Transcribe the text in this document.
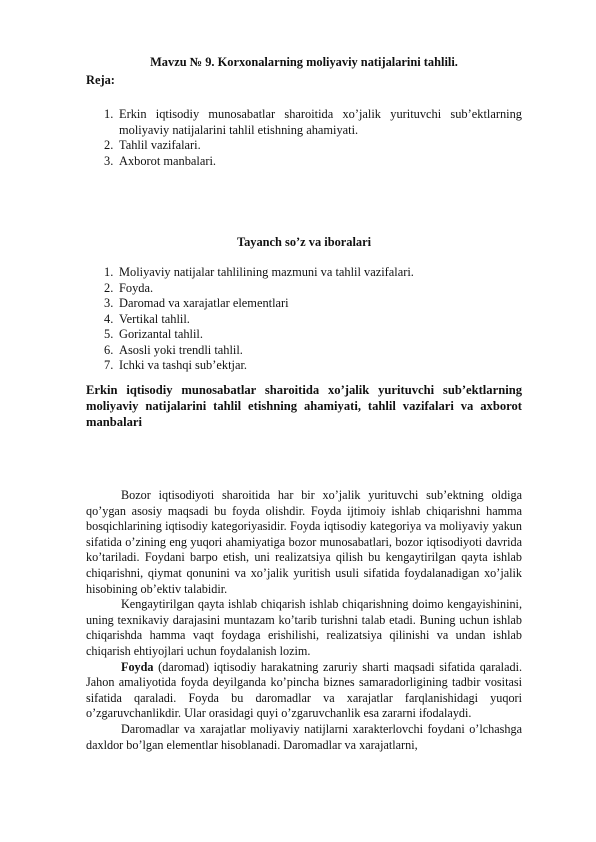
Mavzu № 9. Korxonalarning moliyaviy natijalarini tahlili.
Reja:
1. Erkin iqtisodiy munosabatlar sharoitida xo’jalik yurituvchi sub’ektlarning moliyaviy natijalarini tahlil etishning ahamiyati.
2. Tahlil vazifalari.
3. Axborot manbalari.
Tayanch so’z va iboralari
1. Moliyaviy natijalar tahlilining mazmuni va tahlil vazifalari.
2. Foyda.
3. Daromad va xarajatlar elementlari
4. Vertikal tahlil.
5. Gorizantal tahlil.
6. Asosli yoki trendli tahlil.
7. Ichki va tashqi sub’ektjar.
Erkin iqtisodiy munosabatlar sharoitida xo’jalik yurituvchi sub’ektlarning moliyaviy natijalarini tahlil etishning ahamiyati, tahlil vazifalari va axborot manbalari

Bozor iqtisodiyoti sharoitida har bir xo’jalik yurituvchi sub’ektning oldiga qo’ygan asosiy maqsadi bu foyda olishdir. Foyda ijtimoiy ishlab chiqarishni hamma bosqichlarining iqtisodiy kategoriyasidir. Foyda iqtisodiy kategoriya va moliyaviy yakun sifatida o’zining eng yuqori ahamiyatiga bozor munosabatlari, bozor iqtisodiyoti davrida ko’tariladi. Foydani barpo etish, uni realizatsiya qilish bu kengaytirilgan qayta ishlab chiqarishni, qiymat qonunini va xo’jalik yuritish usuli sifatida foydalanadigan xo’jalik hisobining ob’ektiv talabidir.

Kengaytirilgan qayta ishlab chiqarish ishlab chiqarishning doimo kengayishinini, uning texnikaviy darajasini muntazam ko’tarib turishni talab etadi. Buning uchun ishlab chiqarishda hamma vaqt foydaga erishilishi, realizatsiya qilinishi va undan ishlab chiqarish ehtiyojlari uchun foydalanish lozim.

Foyda (daromad) iqtisodiy harakatning zaruriy sharti maqsadi sifatida qaraladi. Jahon amaliyotida foyda deyilganda ko’pincha biznes samaradorligining tadbir vositasi sifatida qaraladi. Foyda bu daromadlar va xarajatlar farqlanishidagi yuqori o’zgaruvchanlikdir. Ular orasidagi quyi o’zgaruvchanlik esa zararni ifodalaydi.

Daromadlar va xarajatlar moliyaviy natijlarni xarakterlovchi foydani o’lchashga daxldor bo’lgan elementlar hisoblanadi. Daromadlar va xarajatlarni,
